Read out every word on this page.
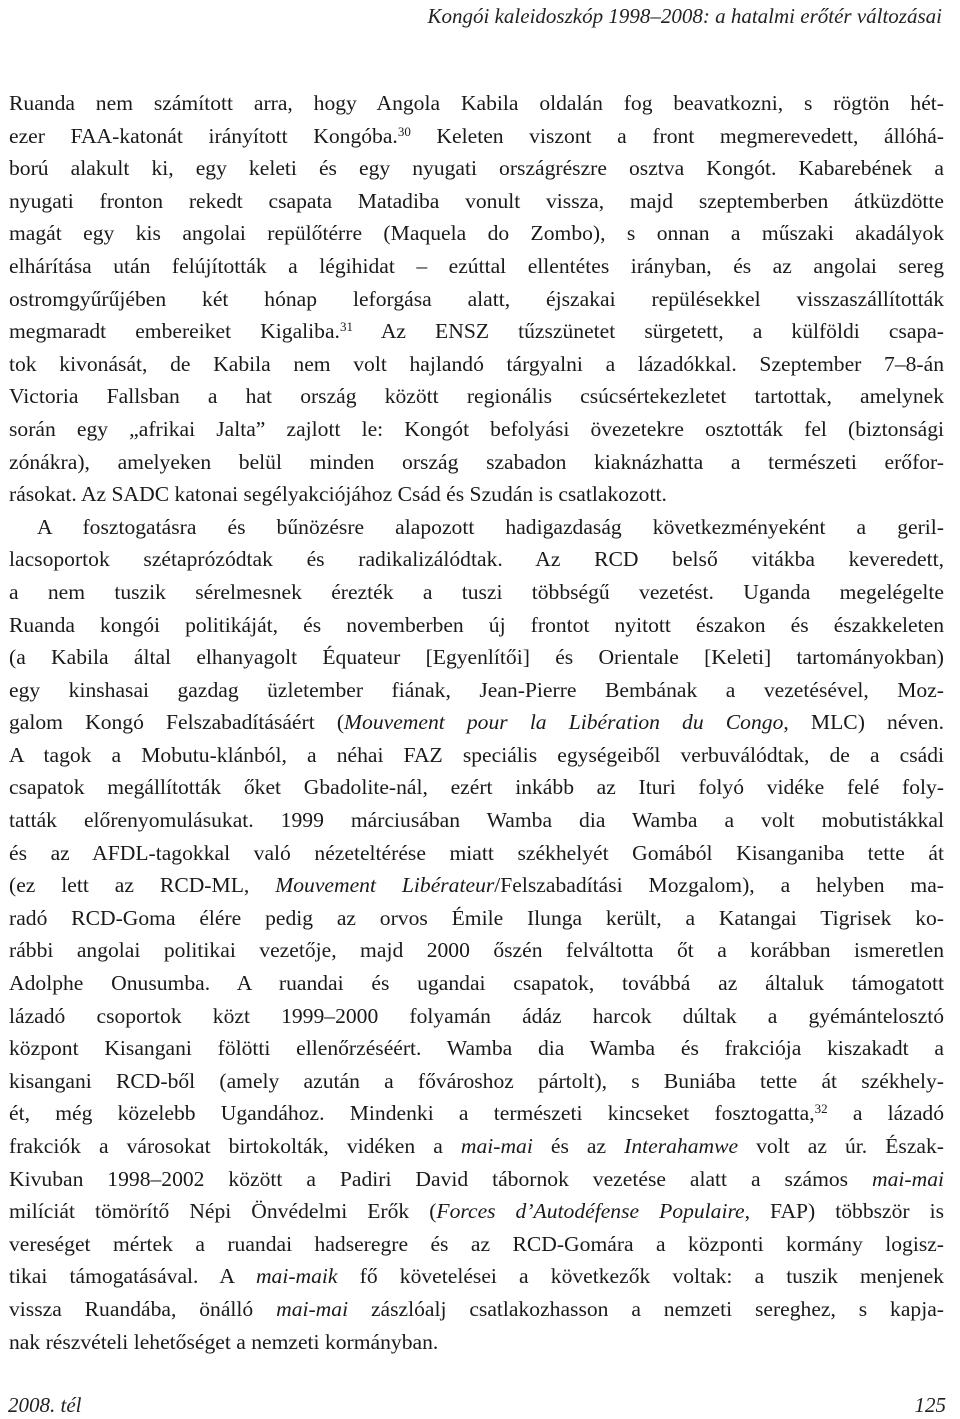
Kongói kaleidoszkóp 1998–2008: a hatalmi erőtér változásai
Ruanda nem számított arra, hogy Angola Kabila oldalán fog beavatkozni, s rögtön hét-
ezer FAA-katonát irányított Kongóba.$^{30}$ Keleten viszont a front megmerevedett, állóhá-
ború alakult ki, egy keleti és egy nyugati országrészre osztva Kongót. Kabarebének a
nyugati fronton rekedt csapata Matadiba vonult vissza, majd szeptemberben átküzdötte
magát egy kis angolai repülőtérre (Maquela do Zombo), s onnan a műszaki akadályok
elhárítása után felújították a légihidat – ezúttal ellentétes irányban, és az angolai sereg
ostromgyűrűjében két hónap leforgása alatt, éjszakai repülésekkel visszaszállították
megmaradt embereiket Kigaliba.$^{31}$ Az ENSZ tűzszünetet sürgetett, a külföldi csapa-
tok kivonását, de Kabila nem volt hajlandó tárgyalni a lázadókkal. Szeptember 7–8-án
Victoria Fallsban a hat ország között regionális csúcsértekezletet tartottak, amelynek
során egy „afrikai Jalta” zajlott le: Kongót befolyási övezetekre osztották fel (biztonsági
zónákra), amelyeken belül minden ország szabadon kiaknázhatta a természeti erőfor-
rásokat. Az SADC katonai segélyakciójához Csád és Szudán is csatlakozott.
A fosztogatásra és bűnözésre alapozott hadigazdaság következményeként a geril-
lacsoportok szétaprózódtak és radikalizálódtak. Az RCD belső vitákba keveredett,
a nem tuszik sérelmesnek érezték a tuszi többségű vezetést. Uganda megelégelte
Ruanda kongói politikáját, és novemberben új frontot nyitott északon és északkeleten
(a Kabila által elhanyagolt Équateur [Egyenlítői] és Orientale [Keleti] tartományokban)
egy kinshasai gazdag üzletember fiának, Jean-Pierre Bembának a vezetésével, Moz-
galom Kongó Felszabadításáért (Mouvement pour la Libération du Congo, MLC) néven.
A tagok a Mobutu-klánból, a néhai FAZ speciális egységeiből verbuválódtak, de a csádi
csapatok megállították őket Gbadolite-nál, ezért inkább az Ituri folyó vidéke felé foly-
tatták előrenyomulásukat. 1999 márciusában Wamba dia Wamba a volt mobutistákkal
és az AFDL-tagokkal való nézeteltérése miatt székhelyét Gomából Kisanganiba tette át
(ez lett az RCD-ML, Mouvement Libérateur/Felszabadítási Mozgalom), a helyben ma-
radó RCD-Goma élére pedig az orvos Émile Ilunga került, a Katangai Tigrisek ko-
rábbi angolai politikai vezetője, majd 2000 őszén felváltotta őt a korábban ismeretlen
Adolphe Onusumba. A ruandai és ugandai csapatok, továbbá az általuk támogatott
lázadó csoportok közt 1999–2000 folyamán ádáz harcok dúltak a gyémántelosztó
központ Kisangani fölötti ellenőrzéséért. Wamba dia Wamba és frakciója kiszakadt a
kisangani RCD-ből (amely azután a fővároshoz pártolt), s Buniába tette át székhely-
ét, még közelebb Ugandához. Mindenki a természeti kincseket fosztogatta,$^{32}$ a lázadó
frakciók a városokat birtokolták, vidéken a mai-mai és az Interahamwe volt az úr. Észak-
Kivuban 1998–2002 között a Padiri David tábornok vezetése alatt a számos mai-mai
milíciát tömörítő Népi Önvédelmi Erők (Forces d’Autodéfense Populaire, FAP) többször is
vereséget mértek a ruandai hadseregre és az RCD-Gomára a központi kormány logisz-
tikai támogatásával. A mai-maik fő követelései a következők voltak: a tuszik menjenek
vissza Ruandába, önálló mai-mai zászlóalj csatlakozhasson a nemzeti sereghez, s kapja-
nak részvételi lehetőséget a nemzeti kormányban.
2008. tél	125
